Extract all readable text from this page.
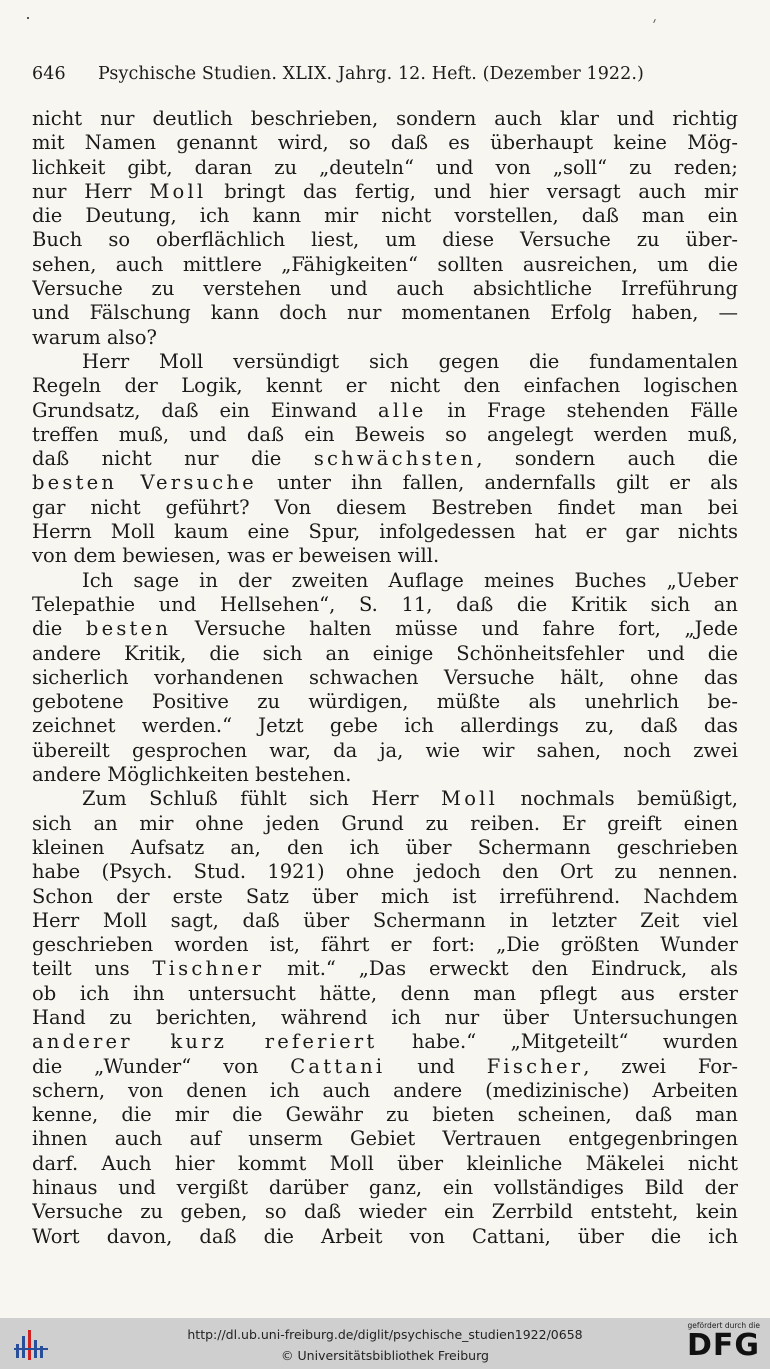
646 Psychische Studien. XLIX. Jahrg. 12. Heft. (Dezember 1922.)
nicht nur deutlich beschrieben, sondern auch klar und richtig
mit Namen genannt wird, so daß es überhaupt keine Mög-
lichkeit gibt, daran zu „deuteln“ und von „soll“ zu reden;
nur Herr Moll bringt das fertig, und hier versagt auch mir
die Deutung, ich kann mir nicht vorstellen, daß man ein
Buch so oberflächlich liest, um diese Versuche zu über-
sehen, auch mittlere „Fähigkeiten“ sollten ausreichen, um die
Versuche zu verstehen und auch absichtliche Irreführung
und Fälschung kann doch nur momentanen Erfolg haben, —
warum also?
Herr Moll versündigt sich gegen die fundamentalen
Regeln der Logik, kennt er nicht den einfachen logischen
Grundsatz, daß ein Einwand alle in Frage stehenden Fälle
treffen muß, und daß ein Beweis so angelegt werden muß,
daß nicht nur die schwächsten, sondern auch die
besten Versuche unter ihn fallen, andernfalls gilt er als
gar nicht geführt? Von diesem Bestreben findet man bei
Herrn Moll kaum eine Spur, infolgedessen hat er gar nichts
von dem bewiesen, was er beweisen will.
Ich sage in der zweiten Auflage meines Buches „Ueber
Telepathie und Hellsehen“, S. 11, daß die Kritik sich an
die besten Versuche halten müsse und fahre fort, „Jede
andere Kritik, die sich an einige Schönheitsfehler und die
sicherlich vorhandenen schwachen Versuche hält, ohne das
gebotene Positive zu würdigen, müßte als unehrlich be-
zeichnet werden.“ Jetzt gebe ich allerdings zu, daß das
übereilt gesprochen war, da ja, wie wir sahen, noch zwei
andere Möglichkeiten bestehen.
Zum Schluß fühlt sich Herr Moll nochmals bemüßigt,
sich an mir ohne jeden Grund zu reiben. Er greift einen
kleinen Aufsatz an, den ich über Schermann geschrieben
habe (Psych. Stud. 1921) ohne jedoch den Ort zu nennen.
Schon der erste Satz über mich ist irreführend. Nachdem
Herr Moll sagt, daß über Schermann in letzter Zeit viel
geschrieben worden ist, fährt er fort: „Die größten Wunder
teilt uns Tischner mit.“ „Das erweckt den Eindruck, als
ob ich ihn untersucht hätte, denn man pflegt aus erster
Hand zu berichten, während ich nur über Untersuchungen
anderer kurz referiert habe.“ „Mitgeteilt“ wurden
die „Wunder“ von Cattani und Fischer, zwei For-
schern, von denen ich auch andere (medizinische) Arbeiten
kenne, die mir die Gewähr zu bieten scheinen, daß man
ihnen auch auf unserm Gebiet Vertrauen entgegenbringen
darf. Auch hier kommt Moll über kleinliche Mäkelei nicht
hinaus und vergißt darüber ganz, ein vollständiges Bild der
Versuche zu geben, so daß wieder ein Zerrbild entsteht, kein
Wort davon, daß die Arbeit von Cattani, über die ich
http://dl.ub.uni-freiburg.de/diglit/psychische_studien1922/0658
© Universitätsbibliothek Freiburg
gefördert durch die
DFG
